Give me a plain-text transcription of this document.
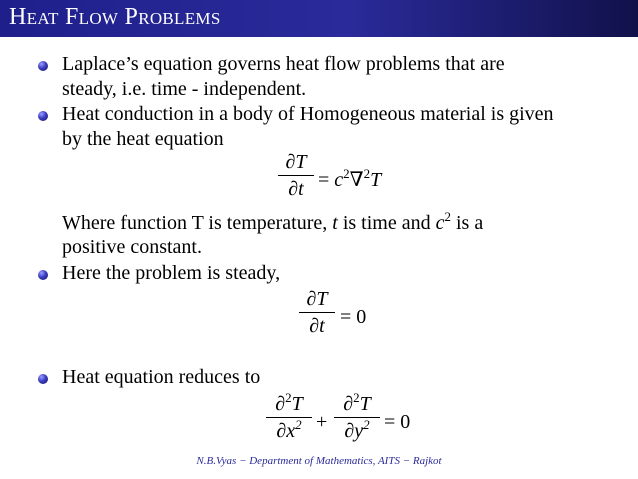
Heat Flow Problems
Laplace’s equation governs heat flow problems that are
steady, i.e. time - independent.
Heat conduction in a body of Homogeneous material is given
by the heat equation
∂T
$\partial t = c^2\nabla^2T$
Where function T is temperature, t is time and $c^2$ is a
positive constant.
Here the problem is steady,
∂T
∂t = 0
Heat equation reduces to
∂$^2$T
$\partial x^2$ +
∂$^2$T
$\partial y^2 = 0$
N.B.Vyas − Department of Mathematics, AITS − Rajkot
